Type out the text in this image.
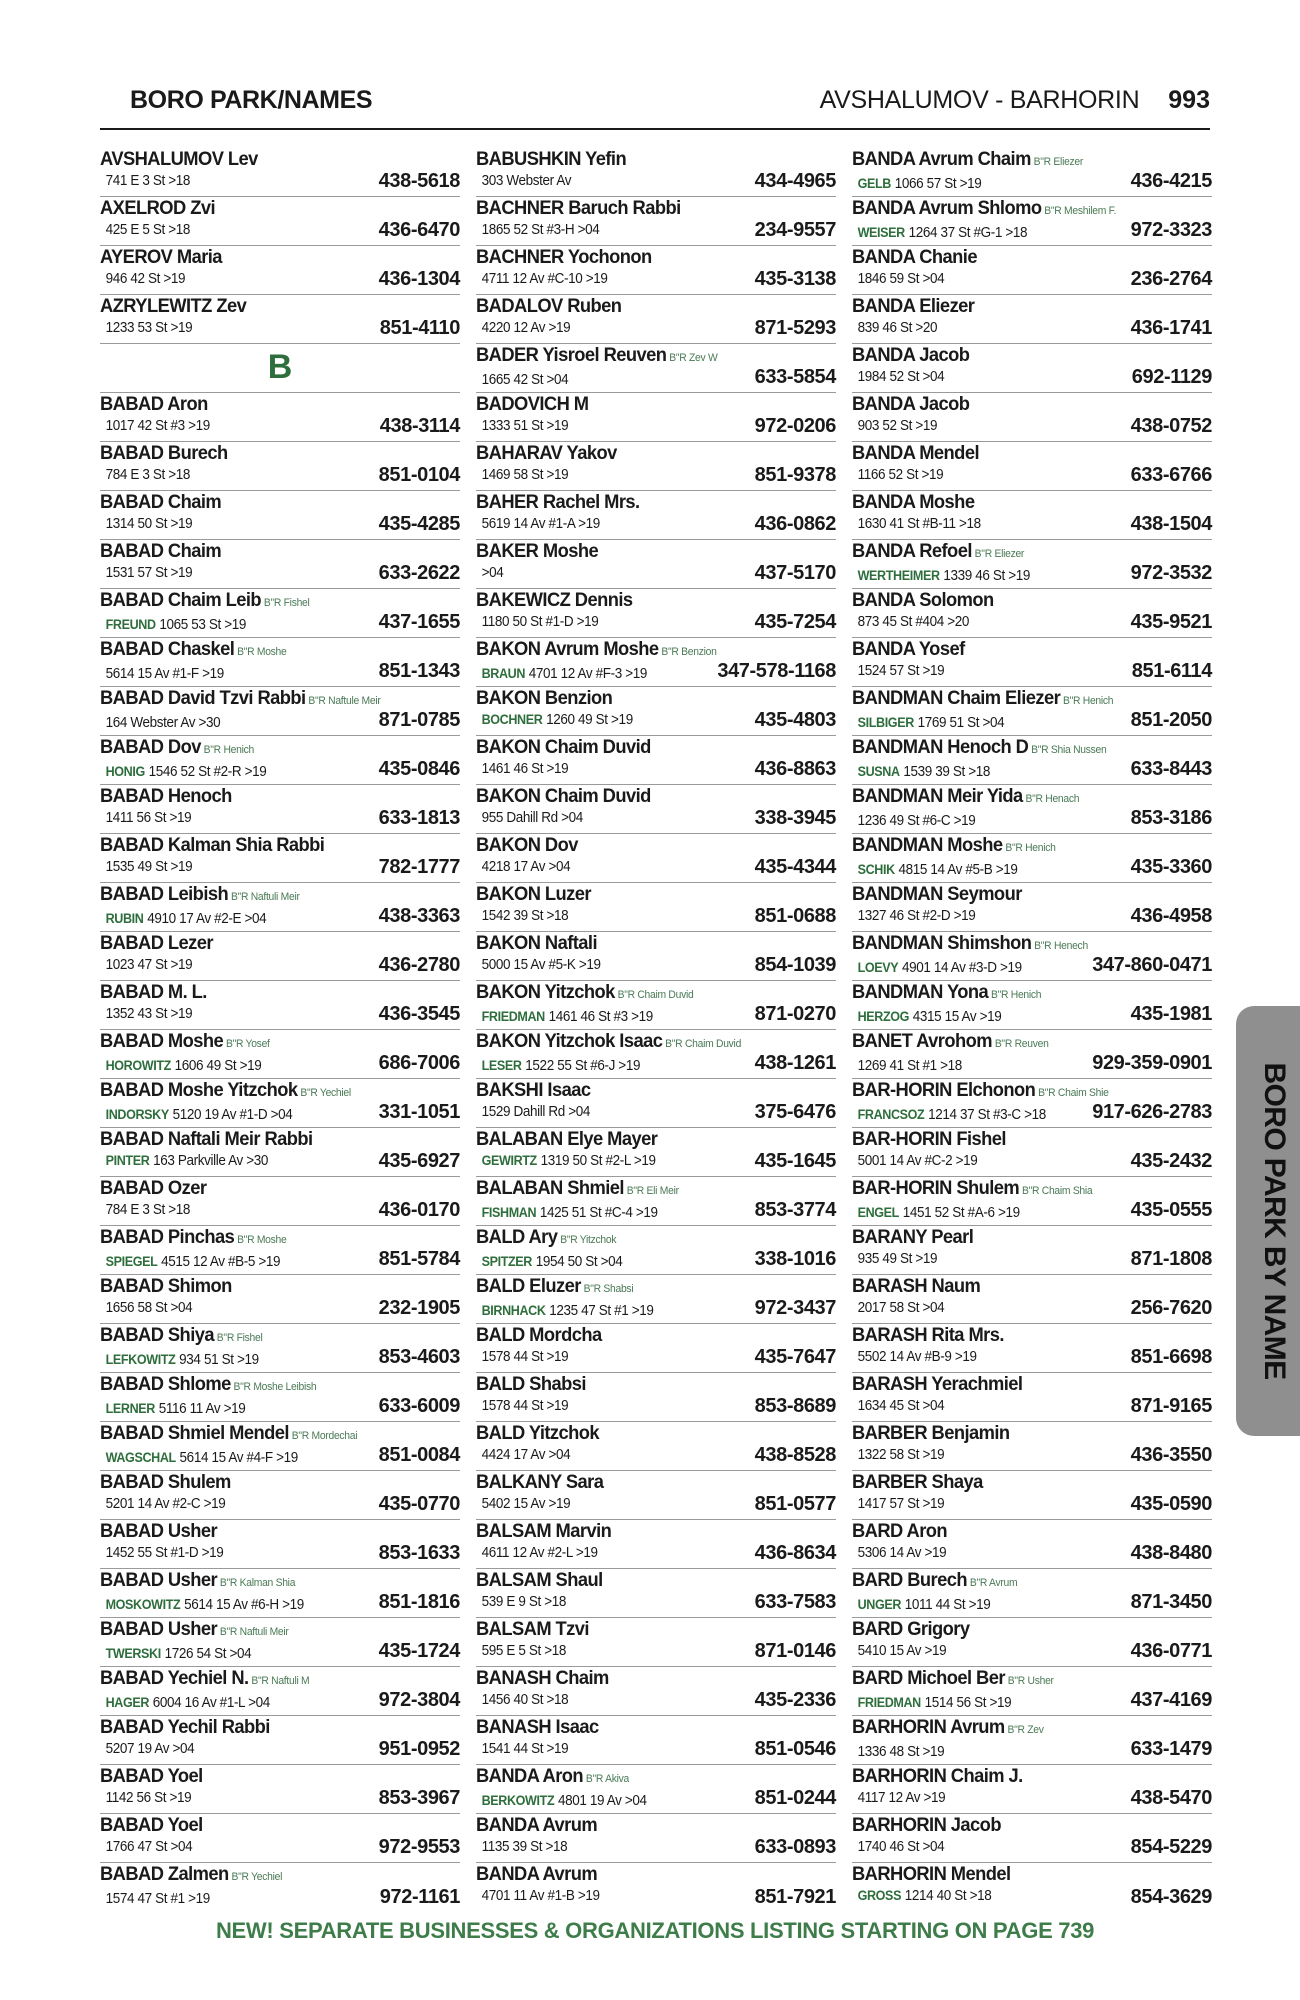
BORO PARK/NAMES	AVSHALUMOV - BARHORIN 993
AVSHALUMOV Lev
741 E 3 St >18	438-5618
AXELROD Zvi
425 E 5 St >18	436-6470
AYEROV Maria
946 42 St >19	436-1304
AZRYLEWITZ Zev
1233 53 St >19	851-4110
B
BABAD Aron
1017 42 St #3 >19	438-3114
BABAD Burech
784 E 3 St >18	851-0104
BABAD Chaim
1314 50 St >19	435-4285
BABAD Chaim
1531 57 St >19	633-2622
BABAD Chaim Leib B"R Fishel
FREUND 1065 53 St >19	437-1655
BABAD Chaskel B"R Moshe
5614 15 Av #1-F >19	851-1343
BABAD David Tzvi Rabbi B"R Naftule Meir
164 Webster Av >30	871-0785
BABAD Dov B"R Henich
HONIG 1546 52 St #2-R >19	435-0846
BABAD Henoch
1411 56 St >19	633-1813
BABAD Kalman Shia Rabbi
1535 49 St >19	782-1777
BABAD Leibish B"R Naftuli Meir
RUBIN 4910 17 Av #2-E >04	438-3363
BABAD Lezer
1023 47 St >19	436-2780
BABAD M. L.
1352 43 St >19	436-3545
BABAD Moshe B"R Yosef
HOROWITZ 1606 49 St >19	686-7006
BABAD Moshe Yitzchok B"R Yechiel
INDORSKY 5120 19 Av #1-D >04	331-1051
BABAD Naftali Meir Rabbi
PINTER 163 Parkville Av >30	435-6927
BABAD Ozer
784 E 3 St >18	436-0170
BABAD Pinchas B"R Moshe
SPIEGEL 4515 12 Av #B-5 >19	851-5784
BABAD Shimon
1656 58 St >04	232-1905
BABAD Shiya B"R Fishel
LEFKOWITZ 934 51 St >19	853-4603
BABAD Shlome B"R Moshe Leibish
LERNER 5116 11 Av >19	633-6009
BABAD Shmiel Mendel B"R Mordechai
WAGSCHAL 5614 15 Av #4-F >19	851-0084
BABAD Shulem
5201 14 Av #2-C >19	435-0770
BABAD Usher
1452 55 St #1-D >19	853-1633
BABAD Usher B"R Kalman Shia
MOSKOWITZ 5614 15 Av #6-H >19	851-1816
BABAD Usher B"R Naftuli Meir
TWERSKI 1726 54 St >04	435-1724
BABAD Yechiel N. B"R Naftuli M
HAGER 6004 16 Av #1-L >04	972-3804
BABAD Yechil Rabbi
5207 19 Av >04	951-0952
BABAD Yoel
1142 56 St >19	853-3967
BABAD Yoel
1766 47 St >04	972-9553
BABAD Zalmen B"R Yechiel
1574 47 St #1 >19	972-1161
BABUSHKIN Yefin
303 Webster Av	434-4965
BACHNER Baruch Rabbi
1865 52 St #3-H >04	234-9557
BACHNER Yochonon
4711 12 Av #C-10 >19	435-3138
BADALOV Ruben
4220 12 Av >19	871-5293
BADER Yisroel Reuven B"R Zev W
1665 42 St >04	633-5854
BADOVICH M
1333 51 St >19	972-0206
BAHARAV Yakov
1469 58 St >19	851-9378
BAHER Rachel Mrs.
5619 14 Av #1-A >19	436-0862
BAKER Moshe
>04	437-5170
BAKEWICZ Dennis
1180 50 St #1-D >19	435-7254
BAKON Avrum Moshe B"R Benzion
BRAUN 4701 12 Av #F-3 >19	347-578-1168
BAKON Benzion
BOCHNER 1260 49 St >19	435-4803
BAKON Chaim Duvid
1461 46 St >19	436-8863
BAKON Chaim Duvid
955 Dahill Rd >04	338-3945
BAKON Dov
4218 17 Av >04	435-4344
BAKON Luzer
1542 39 St >18	851-0688
BAKON Naftali
5000 15 Av #5-K >19	854-1039
BAKON Yitzchok B"R Chaim Duvid
FRIEDMAN 1461 46 St #3 >19	871-0270
BAKON Yitzchok Isaac B"R Chaim Duvid
LESER 1522 55 St #6-J >19	438-1261
BAKSHI Isaac
1529 Dahill Rd >04	375-6476
BALABAN Elye Mayer
GEWIRTZ 1319 50 St #2-L >19	435-1645
BALABAN Shmiel B"R Eli Meir
FISHMAN 1425 51 St #C-4 >19	853-3774
BALD Ary B"R Yitzchok
SPITZER 1954 50 St >04	338-1016
BALD Eluzer B"R Shabsi
BIRNHACK 1235 47 St #1 >19	972-3437
BALD Mordcha
1578 44 St >19	435-7647
BALD Shabsi
1578 44 St >19	853-8689
BALD Yitzchok
4424 17 Av >04	438-8528
BALKANY Sara
5402 15 Av >19	851-0577
BALSAM Marvin
4611 12 Av #2-L >19	436-8634
BALSAM Shaul
539 E 9 St >18	633-7583
BALSAM Tzvi
595 E 5 St >18	871-0146
BANASH Chaim
1456 40 St >18	435-2336
BANASH Isaac
1541 44 St >19	851-0546
BANDA Aron B"R Akiva
BERKOWITZ 4801 19 Av >04	851-0244
BANDA Avrum
1135 39 St >18	633-0893
BANDA Avrum
4701 11 Av #1-B >19	851-7921
BANDA Avrum Chaim B"R Eliezer
GELB 1066 57 St >19	436-4215
BANDA Avrum Shlomo B"R Meshilem F.
WEISER 1264 37 St #G-1 >18	972-3323
BANDA Chanie
1846 59 St >04	236-2764
BANDA Eliezer
839 46 St >20	436-1741
BANDA Jacob
1984 52 St >04	692-1129
BANDA Jacob
903 52 St >19	438-0752
BANDA Mendel
1166 52 St >19	633-6766
BANDA Moshe
1630 41 St #B-11 >18	438-1504
BANDA Refoel B"R Eliezer
WERTHEIMER 1339 46 St >19	972-3532
BANDA Solomon
873 45 St #404 >20	435-9521
BANDA Yosef
1524 57 St >19	851-6114
BANDMAN Chaim Eliezer B"R Henich
SILBIGER 1769 51 St >04	851-2050
BANDMAN Henoch D B"R Shia Nussen
SUSNA 1539 39 St >18	633-8443
BANDMAN Meir Yida B"R Henach
1236 49 St #6-C >19	853-3186
BANDMAN Moshe B"R Henich
SCHIK 4815 14 Av #5-B >19	435-3360
BANDMAN Seymour
1327 46 St #2-D >19	436-4958
BANDMAN Shimshon B"R Henech
LOEVY 4901 14 Av #3-D >19	347-860-0471
BANDMAN Yona B"R Henich
HERZOG 4315 15 Av >19	435-1981
BANET Avrohom B"R Reuven
1269 41 St #1 >18	929-359-0901
BAR-HORIN Elchonon B"R Chaim Shie
FRANCSOZ 1214 37 St #3-C >18	917-626-2783
BAR-HORIN Fishel
5001 14 Av #C-2 >19	435-2432
BAR-HORIN Shulem B"R Chaim Shia
ENGEL 1451 52 St #A-6 >19	435-0555
BARANY Pearl
935 49 St >19	871-1808
BARASH Naum
2017 58 St >04	256-7620
BARASH Rita Mrs.
5502 14 Av #B-9 >19	851-6698
BARASH Yerachmiel
1634 45 St >04	871-9165
BARBER Benjamin
1322 58 St >19	436-3550
BARBER Shaya
1417 57 St >19	435-0590
BARD Aron
5306 14 Av >19	438-8480
BARD Burech B"R Avrum
UNGER 1011 44 St >19	871-3450
BARD Grigory
5410 15 Av >19	436-0771
BARD Michoel Ber B"R Usher
FRIEDMAN 1514 56 St >19	437-4169
BARHORIN Avrum B"R Zev
1336 48 St >19	633-1479
BARHORIN Chaim J.
4117 12 Av >19	438-5470
BARHORIN Jacob
1740 46 St >04	854-5229
BARHORIN Mendel
GROSS 1214 40 St >18	854-3629
BORO PARK BY NAME
NEW! SEPARATE BUSINESSES & ORGANIZATIONS LISTING STARTING ON PAGE 739
